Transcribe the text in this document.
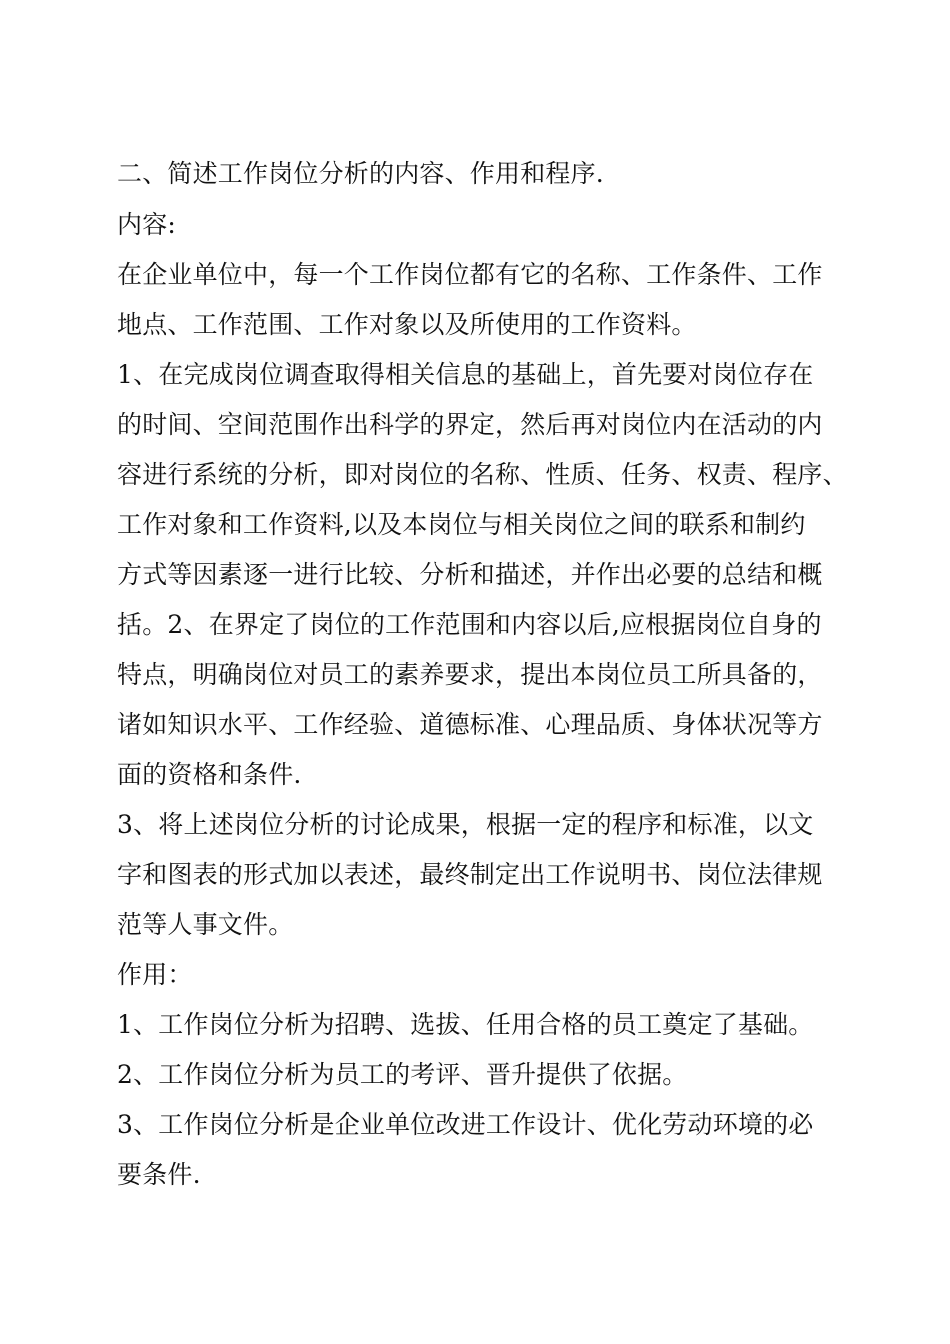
二、简述工作岗位分析的内容、作用和程序.
内容:
在企业单位中，每一个工作岗位都有它的名称、工作条件、工作
地点、工作范围、工作对象以及所使用的工作资料。
1、在完成岗位调查取得相关信息的基础上，首先要对岗位存在
的时间、空间范围作出科学的界定，然后再对岗位内在活动的内
容进行系统的分析，即对岗位的名称、性质、任务、权责、程序、
工作对象和工作资料,以及本岗位与相关岗位之间的联系和制约
方式等因素逐一进行比较、分析和描述，并作出必要的总结和概
括。2、在界定了岗位的工作范围和内容以后,应根据岗位自身的
特点，明确岗位对员工的素养要求，提出本岗位员工所具备的，
诸如知识水平、工作经验、道德标准、心理品质、身体状况等方
面的资格和条件.
3、将上述岗位分析的讨论成果，根据一定的程序和标准，以文
字和图表的形式加以表述，最终制定出工作说明书、岗位法律规
范等人事文件。
作用：
1、工作岗位分析为招聘、选拔、任用合格的员工奠定了基础。
2、工作岗位分析为员工的考评、晋升提供了依据。
3、工作岗位分析是企业单位改进工作设计、优化劳动环境的必
要条件.
